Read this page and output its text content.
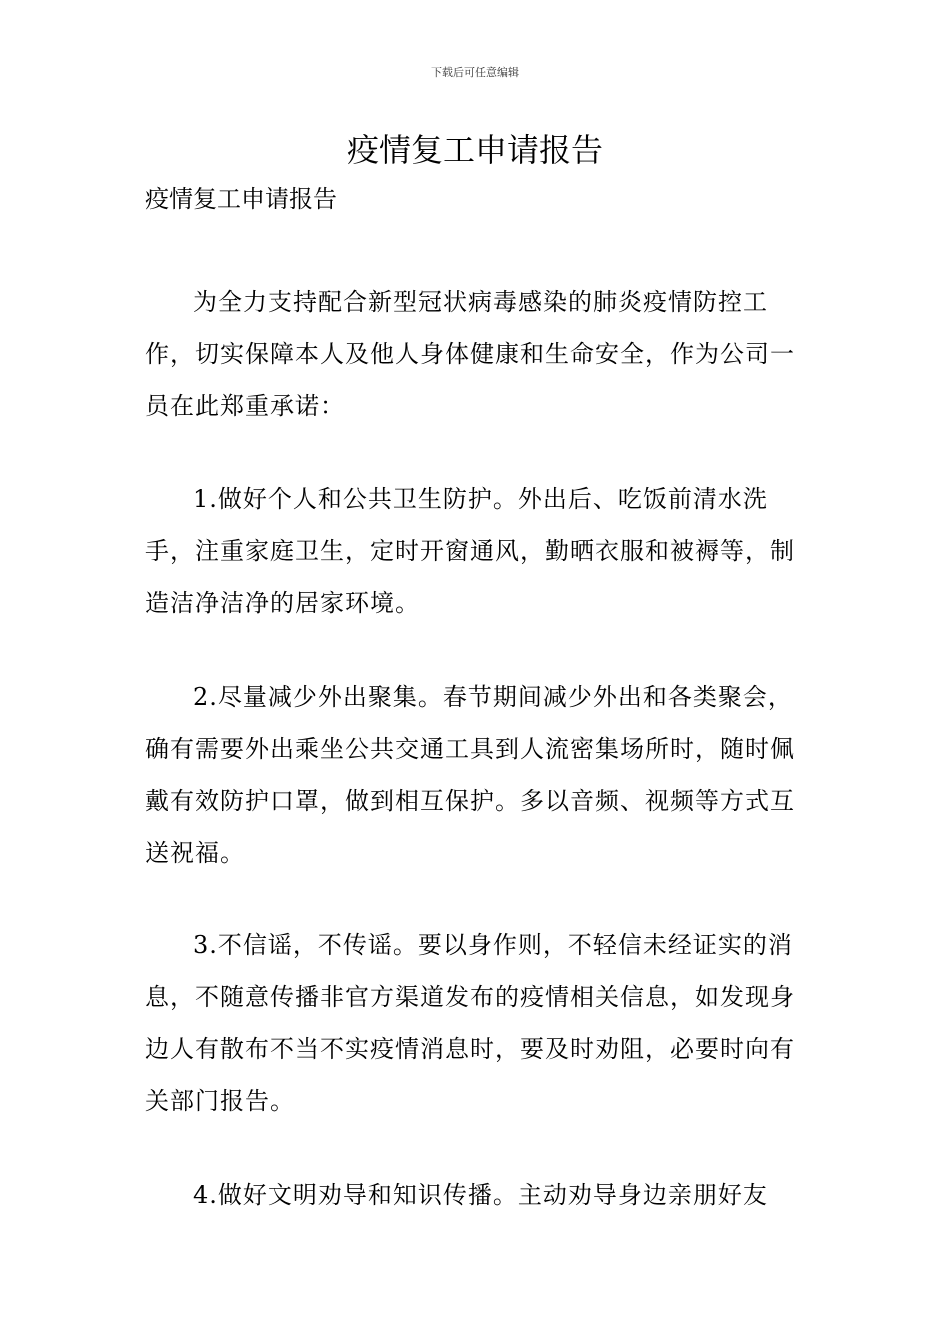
下载后可任意编辑
疫情复工申请报告

疫情复工申请报告

为全力支持配合新型冠状病毒感染的肺炎疫情防控工作，切实保障本人及他人身体健康和生命安全，作为公司一员在此郑重承诺：

1.做好个人和公共卫生防护。外出后、吃饭前清水洗手，注重家庭卫生，定时开窗通风，勤晒衣服和被褥等，制造洁净洁净的居家环境。

2.尽量减少外出聚集。春节期间减少外出和各类聚会，确有需要外出乘坐公共交通工具到人流密集场所时，随时佩戴有效防护口罩，做到相互保护。多以音频、视频等方式互送祝福。

3.不信谣，不传谣。要以身作则，不轻信未经证实的消息，不随意传播非官方渠道发布的疫情相关信息，如发现身边人有散布不当不实疫情消息时，要及时劝阻，必要时向有关部门报告。

4.做好文明劝导和知识传播。主动劝导身边亲朋好友
